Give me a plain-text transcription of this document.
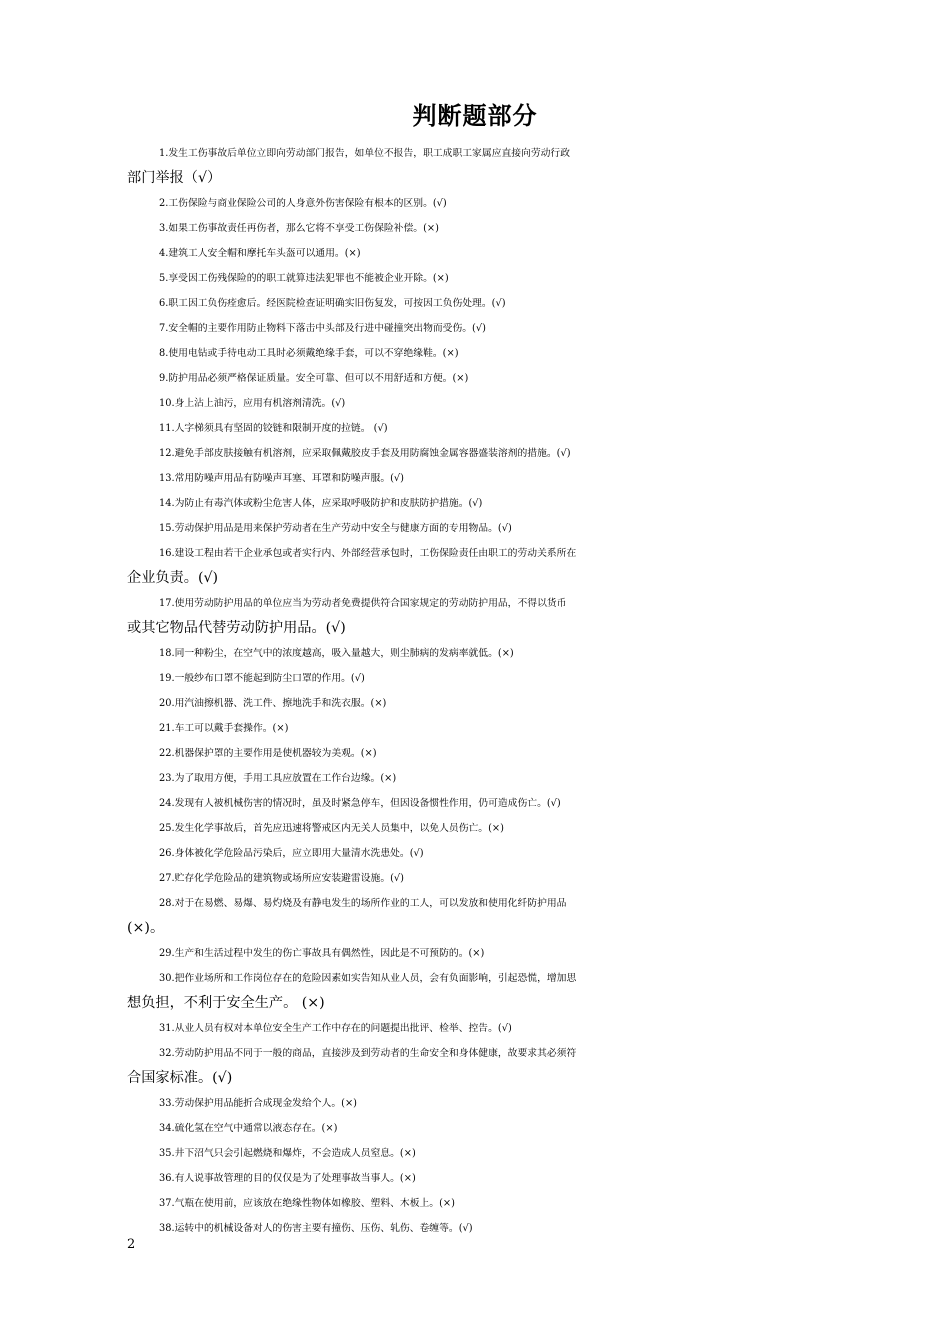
判断题部分
1.发生工伤事故后单位立即向劳动部门报告，如单位不报告，职工成职工家属应直接向劳动行政
部门举报（√）
2.工伤保险与商业保险公司的人身意外伤害保险有根本的区别。(√)
3.如果工伤事故责任再伤者，那么它将不享受工伤保险补偿。(×)
4.建筑工人安全帽和摩托车头盔可以通用。(×)
5.享受因工伤残保险的的职工就算违法犯罪也不能被企业开除。(×)
6.职工因工负伤痊愈后。经医院检查证明确实旧伤复发，可按因工负伤处理。(√)
7.安全帽的主要作用防止物料下落击中头部及行进中碰撞突出物而受伤。(√)
8.使用电钻或手待电动工具时必须戴绝缘手套，可以不穿绝缘鞋。(×)
9.防护用品必须严格保证质量。安全可靠、但可以不用舒适和方便。(×)
10.身上沾上油污，应用有机溶剂清洗。(√)
11.人字梯须具有坚固的铰链和限制开度的拉链。 (√)
12.避免手部皮肤接触有机溶剂，应采取佩戴胶皮手套及用防腐蚀金属容器盛装溶剂的措施。(√)
13.常用防噪声用品有防噪声耳塞、耳罩和防噪声服。(√)
14.为防止有毒汽体或粉尘危害人体，应采取呼吸防护和皮肤防护措施。(√)
15.劳动保护用品是用来保护劳动者在生产劳动中安全与健康方面的专用物品。(√)
16.建设工程由若干企业承包或者实行内、外部经营承包时，工伤保险责任由职工的劳动关系所在
企业负责。(√)
17.使用劳动防护用品的单位应当为劳动者免费提供符合国家规定的劳动防护用品，不得以货币
或其它物品代替劳动防护用品。(√)
18.同一种粉尘，在空气中的浓度越高，吸入量越大，则尘肺病的发病率就低。(×)
19.一般纱布口罩不能起到防尘口罩的作用。(√)
20.用汽油擦机器、洗工件、擦地洗手和洗衣服。(×)
21.车工可以戴手套操作。(×)
22.机器保护罩的主要作用是使机器较为美观。(×)
23.为了取用方便，手用工具应放置在工作台边缘。(×)
24.发现有人被机械伤害的情况时，虽及时紧急停车，但因设备惯性作用，仍可造成伤亡。(√)
25.发生化学事故后，首先应迅速将警戒区内无关人员集中，以免人员伤亡。(×)
26.身体被化学危险品污染后，应立即用大量清水洗患处。(√)
27.贮存化学危险品的建筑物或场所应安装避雷设施。(√)
28.对于在易燃、易爆、易灼烧及有静电发生的场所作业的工人，可以发放和使用化纤防护用品
(×)。
29.生产和生活过程中发生的伤亡事故具有偶然性，因此是不可预防的。(×)
30.把作业场所和工作岗位存在的危险因素如实告知从业人员，会有负面影响，引起恐慌，增加思
想负担，不利于安全生产。 (×)
31.从业人员有权对本单位安全生产工作中存在的问题提出批评、检举、控告。(√)
32.劳动防护用品不同于一般的商品，直接涉及到劳动者的生命安全和身体健康，故要求其必须符
合国家标准。(√)
33.劳动保护用品能折合成现金发给个人。(×)
34.硫化氢在空气中通常以液态存在。(×)
35.井下沼气只会引起燃烧和爆炸，不会造成人员窒息。(×)
36.有人说事故管理的目的仅仅是为了处理事故当事人。(×)
37.气瓶在使用前，应该放在绝缘性物体如橡胶、塑料、木板上。(×)
38.运转中的机械设备对人的伤害主要有撞伤、压伤、轧伤、卷缠等。(√)
2
